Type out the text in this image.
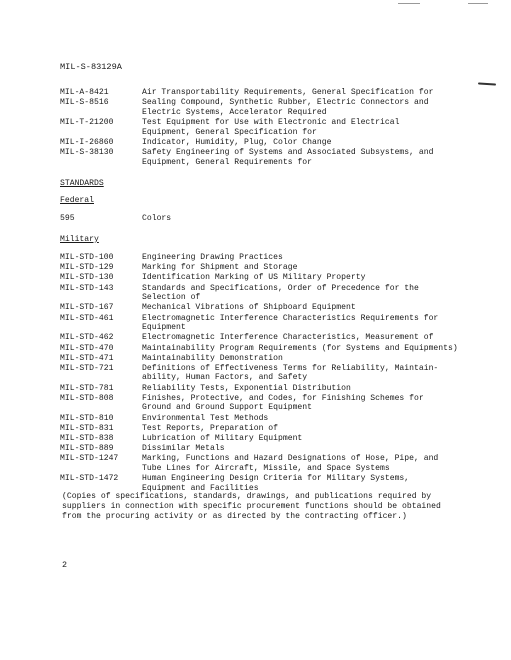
MIL-S-83129A
MIL-A-8421	Air Transportability Requirements, General Specification for
MIL-S-8516	Sealing Compound, Synthetic Rubber, Electric Connectors and
Electric Systems, Accelerator Required
MIL-T-21200	Test Equipment for Use with Electronic and Electrical
Equipment, General Specification for
MIL-I-26860	Indicator, Humidity, Plug, Color Change
MIL-S-38130	Safety Engineering of Systems and Associated Subsystems, and
Equipment, General Requirements for
STANDARDS
Federal
595	Colors
Military
MIL-STD-100	Engineering Drawing Practices
MIL-STD-129	Marking for Shipment and Storage
MIL-STD-130	Identification Marking of US Military Property
MIL-STD-143	Standards and Specifications, Order of Precedence for the
Selection of
MIL-STD-167	Mechanical Vibrations of Shipboard Equipment
MIL-STD-461	Electromagnetic Interference Characteristics Requirements for
Equipment
MIL-STD-462	Electromagnetic Interference Characteristics, Measurement of
MIL-STD-470	Maintainability Program Requirements (for Systems and Equipments)
MIL-STD-471	Maintainability Demonstration
MIL-STD-721	Definitions of Effectiveness Terms for Reliability, Maintain-
ability, Human Factors, and Safety
MIL-STD-781	Reliability Tests, Exponential Distribution
MIL-STD-808	Finishes, Protective, and Codes, for Finishing Schemes for
Ground and Ground Support Equipment
MIL-STD-810	Environmental Test Methods
MIL-STD-831	Test Reports, Preparation of
MIL-STD-838	Lubrication of Military Equipment
MIL-STD-889	Dissimilar Metals
MIL-STD-1247	Marking, Functions and Hazard Designations of Hose, Pipe, and
Tube Lines for Aircraft, Missile, and Space Systems
MIL-STD-1472	Human Engineering Design Criteria for Military Systems,
Equipment and Facilities
(Copies of specifications, standards, drawings, and publications required by suppliers in connection with specific procurement functions should be obtained from the procuring activity or as directed by the contracting officer.)
2
